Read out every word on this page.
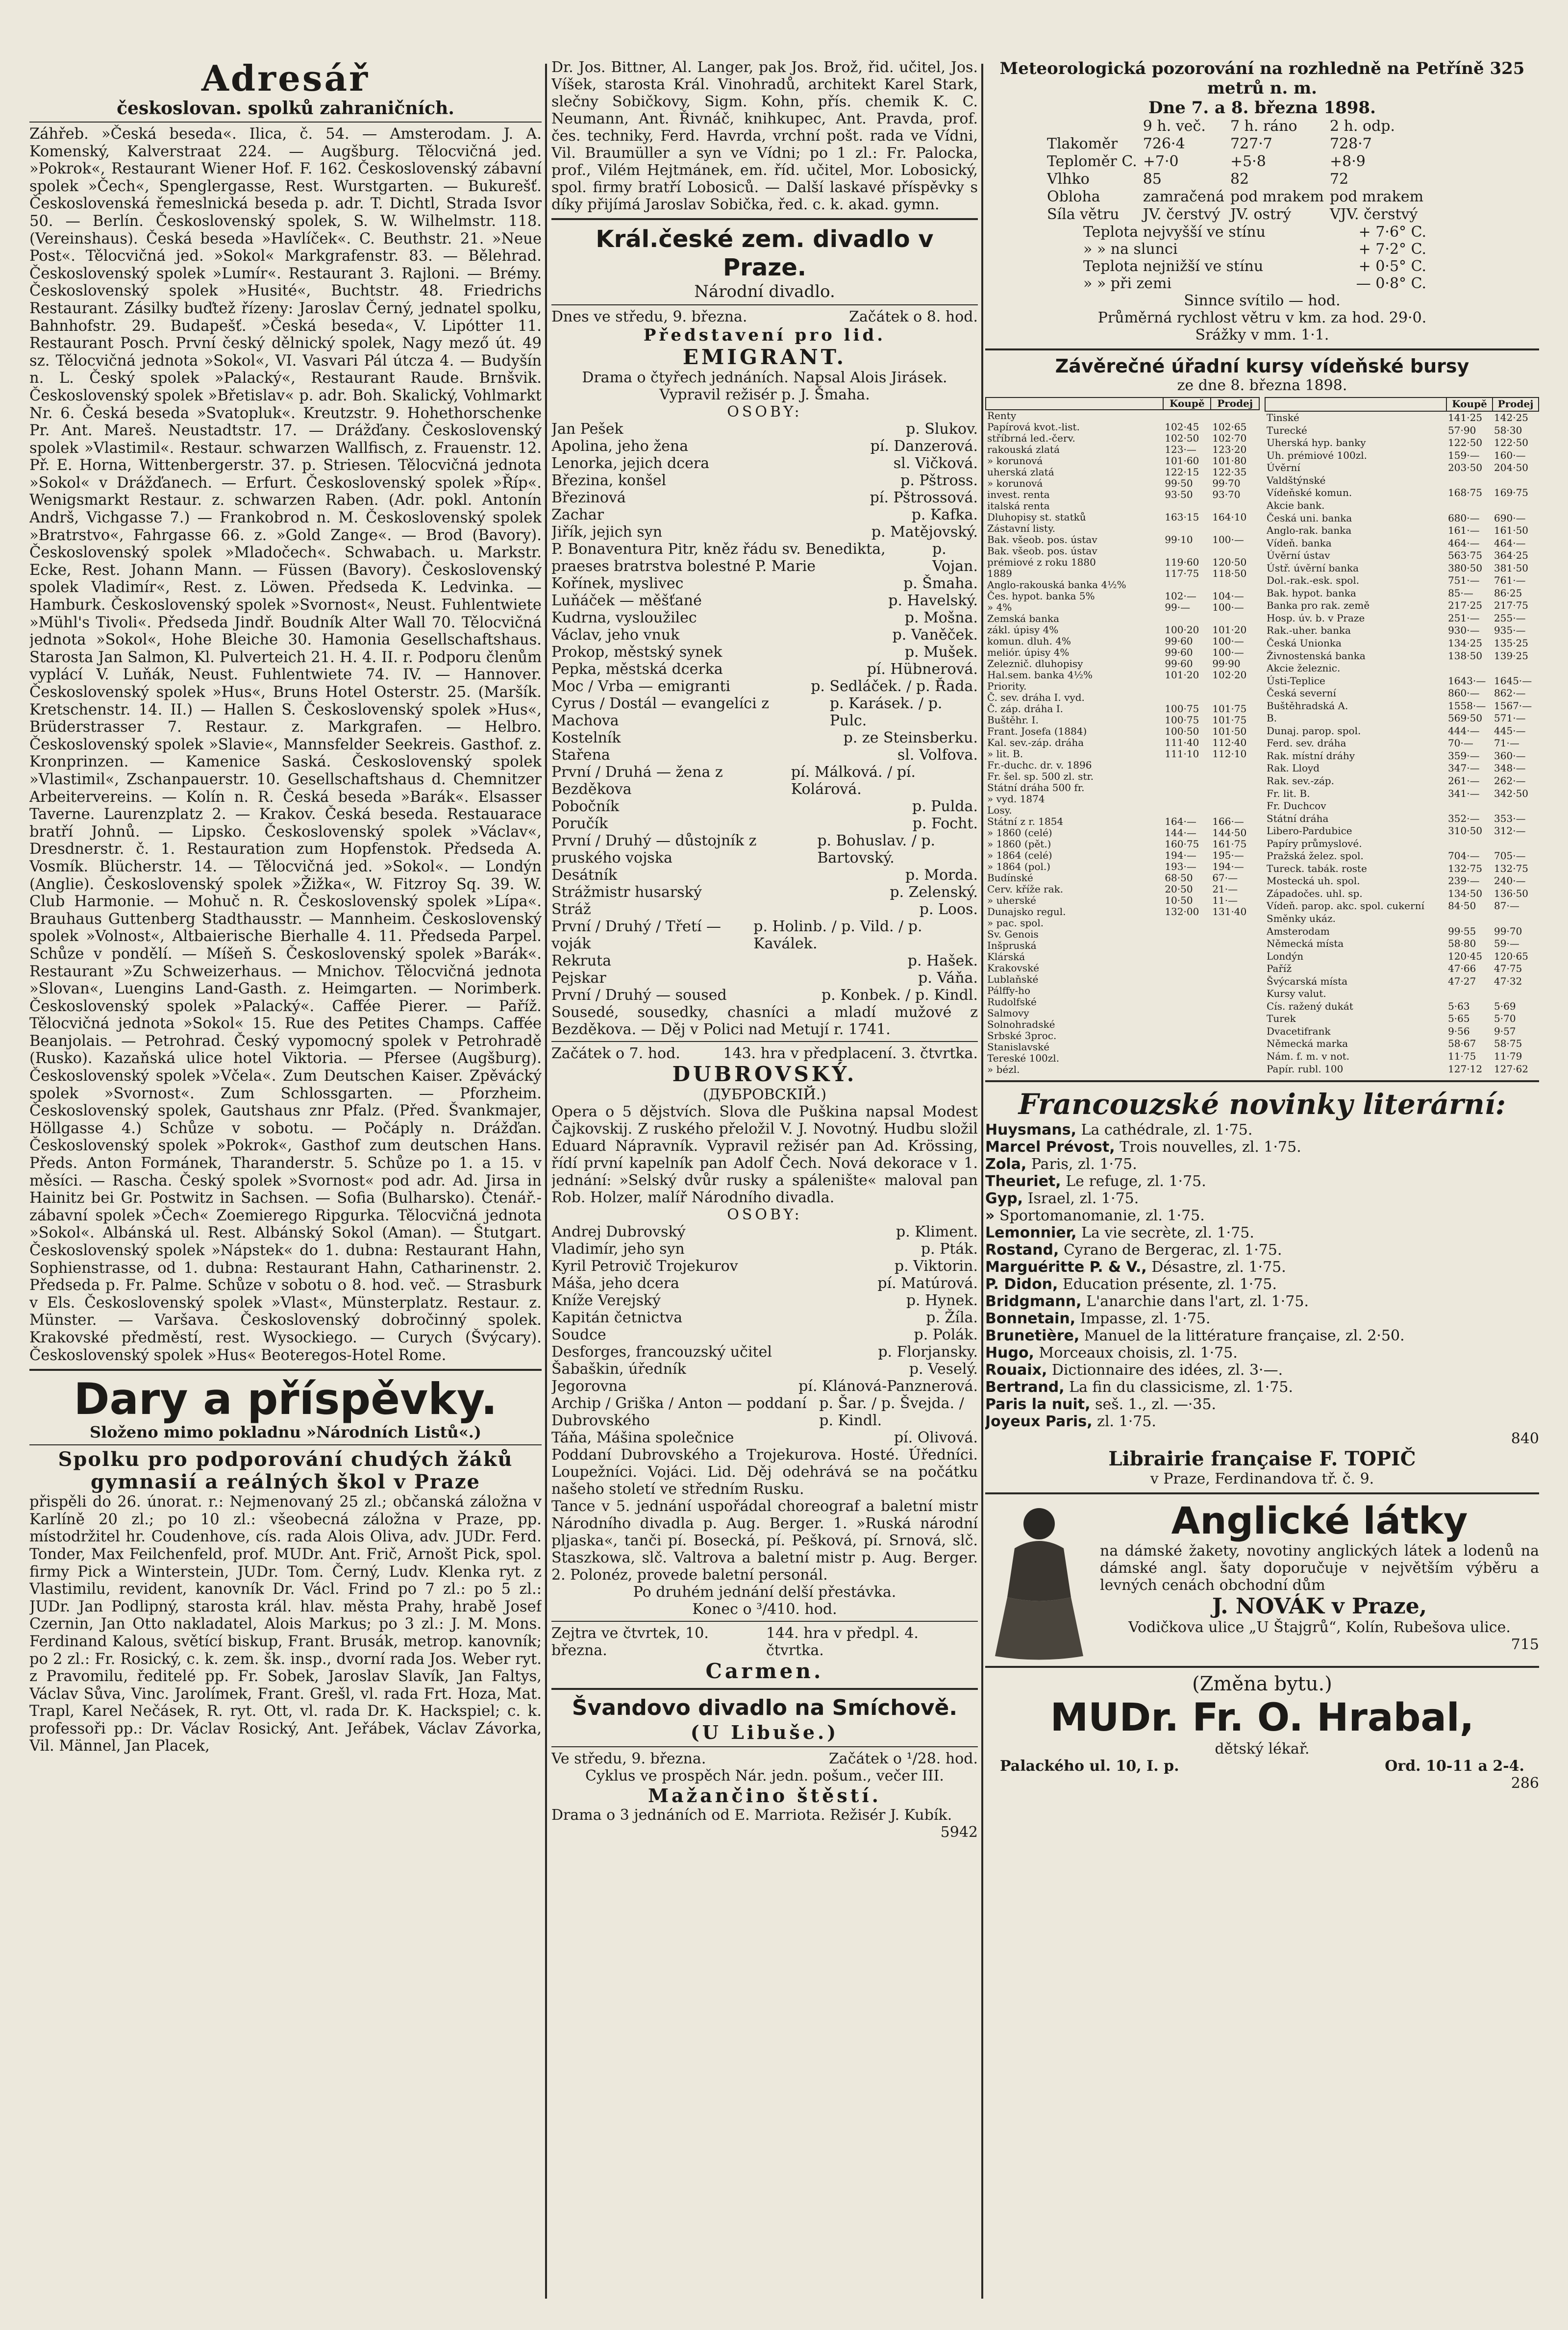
Adresář
českoslovan. spolků zahraničních.
Záhřeb. »Česká beseda«. Ilica, č. 54. — Amsterodam. J. A. Komenský, Kalverstraat 224. — Augšburg. Tělocvičná jed. »Pokrok«, Restaurant Wiener Hof. F. 162. Československý zábavní spolek »Čech«, Spenglergasse, Rest. Wurstgarten. — Bukurešť. Československá řemeslnická beseda p. adr. T. Dichtl, Strada Isvor 50. — Berlín. Československý spolek, S. W. Wilhelmstr. 118. (Vereinshaus). Česká beseda »Havlíček«. C. Beuthstr. 21. »Neue Post«. Tělocvičná jed. »Sokol« Markgrafenstr. 83. — Bělehrad. Československý spolek »Lumír«. Restaurant 3. Rajloni. — Brémy. Československý spolek »Husité«, Buchtstr. 48. Friedrichs Restaurant. Zásilky buďtež řízeny: Jaroslav Černý, jednatel spolku, Bahnhofstr. 29. Budapešť. »Česká beseda«, V. Lipótter 11. Restaurant Posch. První český dělnický spolek, Nagy mező út. 49 sz. Tělocvičná jednota »Sokol«, VI. Vasvari Pál útcza 4. — Budyšín n. L. Český spolek »Palacký«, Restaurant Raude. Brnšvik. Československý spolek »Břetislav« p. adr. Boh. Skalický, Vohlmarkt Nr. 6. Česká beseda »Svatopluk«. Kreutzstr. 9. Hohethorschenke Pr. Ant. Mareš. Neustadtstr. 17. — Drážďany. Československý spolek »Vlastimil«. Restaur. schwarzen Wallfisch, z. Frauenstr. 12. Př. E. Horna, Wittenbergerstr. 37. p. Striesen. Tělocvičná jednota »Sokol« v Drážďanech. — Erfurt. Československý spolek »Říp«. Wenigsmarkt Restaur. z. schwarzen Raben. (Adr. pokl. Antonín Andrš, Vichgasse 7.) — Frankobrod n. M. Československý spolek »Bratrstvo«, Fahrgasse 66. z. »Gold Zange«. — Brod (Bavory). Československý spolek »Mladočech«. Schwabach. u. Markstr. Ecke, Rest. Johann Mann. — Füssen (Bavory). Československý spolek Vladimír«, Rest. z. Löwen. Předseda K. Ledvinka. — Hamburk. Československý spolek »Svornost«, Neust. Fuhlentwiete »Mühl's Tivoli«. Předseda Jindř. Boudník Alter Wall 70. Tělocvičná jednota »Sokol«, Hohe Bleiche 30. Hamonia Gesellschaftshaus. Starosta Jan Salmon, Kl. Pulverteich 21. H. 4. II. r. Podporu členům vyplácí V. Luňák, Neust. Fuhlentwiete 74. IV. — Hannover. Československý spolek »Hus«, Bruns Hotel Osterstr. 25. (Maršík. Kretschenstr. 14. II.) — Hallen S. Československý spolek »Hus«, Brüderstrasser 7. Restaur. z. Markgrafen. — Helbro. Československý spolek »Slavie«, Mannsfelder Seekreis. Gasthof. z. Kronprinzen. — Kamenice Saská. Československý spolek »Vlastimil«, Zschanpauerstr. 10. Gesellschaftshaus d. Chemnitzer Arbeitervereins. — Kolín n. R. Česká beseda »Barák«. Elsasser Taverne. Laurenzplatz 2. — Krakov. Česká beseda. Restauarace bratří Johnů. — Lipsko. Československý spolek »Václav«, Dresdnerstr. č. 1. Restauration zum Hopfenstok. Předseda A. Vosmík. Blücherstr. 14. — Tělocvičná jed. »Sokol«. — Londýn (Anglie). Československý spolek »Žižka«, W. Fitzroy Sq. 39. W. Club Harmonie. — Mohuč n. R. Československý spolek »Lípa«. Brauhaus Guttenberg Stadthausstr. — Mannheim. Československý spolek »Volnost«, Altbaierische Bierhalle 4. 11. Předseda Parpel. Schůze v pondělí. — Míšeň S. Československý spolek »Barák«. Restaurant »Zu Schweizerhaus. — Mnichov. Tělocvičná jednota »Slovan«, Luengins Land-Gasth. z. Heimgarten. — Norimberk. Československý spolek »Palacký«. Caffée Pierer. — Paříž. Tělocvičná jednota »Sokol« 15. Rue des Petites Champs. Caffée Beanjolais. — Petrohrad. Český vypomocný spolek v Petrohradě (Rusko). Kazaňská ulice hotel Viktoria. — Pfersee (Augšburg). Československý spolek »Včela«. Zum Deutschen Kaiser. Zpěvácký spolek »Svornost«. Zum Schlossgarten. — Pforzheim. Československý spolek, Gautshaus znr Pfalz. (Před. Švankmajer, Höllgasse 4.) Schůze v sobotu. — Počáply n. Drážďan. Československý spolek »Pokrok«, Gasthof zum deutschen Hans. Předs. Anton Formánek, Tharanderstr. 5. Schůze po 1. a 15. v měsíci. — Rascha. Český spolek »Svornost« pod adr. Ad. Jirsa in Hainitz bei Gr. Postwitz in Sachsen. — Sofia (Bulharsko). Čtenář.-zábavní spolek »Čech« Zoemierego Ripgurka. Tělocvičná jednota »Sokol«. Albánská ul. Rest. Albánský Sokol (Aman). — Štutgart. Československý spolek »Nápstek« do 1. dubna: Restaurant Hahn, Sophienstrasse, od 1. dubna: Restaurant Hahn, Catharinenstr. 2. Předseda p. Fr. Palme. Schůze v sobotu o 8. hod. več. — Strasburk v Els. Československý spolek »Vlast«, Münsterplatz. Restaur. z. Münster. — Varšava. Československý dobročinný spolek. Krakovské předměstí, rest. Wysockiego. — Curych (Švýcary). Československý spolek »Hus« Beoteregos-Hotel Rome.
Dary a příspěvky.
Složeno mimo pokladnu »Národních Listů«.)
Spolku pro podporování chudých žáků gymnasií a reálných škol v Praze
přispěli do 26. únorat. r.: Nejmenovaný 25 zl.; občanská záložna v Karlíně 20 zl.; po 10 zl.: všeobecná záložna v Praze, pp. místodržitel hr. Coudenhove, cís. rada Alois Oliva, adv. JUDr. Ferd. Tonder, Max Feilchenfeld, prof. MUDr. Ant. Frič, Arnošt Pick, spol. firmy Pick a Winterstein, JUDr. Tom. Černý, Ludv. Klenka ryt. z Vlastimilu, revident, kanovník Dr. Václ. Frind po 7 zl.: po 5 zl.: JUDr. Jan Podlipný, starosta král. hlav. města Prahy, hrabě Josef Czernin, Jan Otto nakladatel, Alois Markus; po 3 zl.: J. M. Mons. Ferdinand Kalous, světící biskup, Frant. Brusák, metrop. kanovník; po 2 zl.: Fr. Rosický, c. k. zem. šk. insp., dvorní rada Jos. Weber ryt. z Pravomilu, ředitelé pp. Fr. Sobek, Jaroslav Slavík, Jan Faltys, Václav Sůva, Vinc. Jarolímek, Frant. Grešl, vl. rada Frt. Hoza, Mat. Trapl, Karel Nečásek, R. ryt. Ott, vl. rada Dr. K. Hackspiel; c. k. professoři pp.: Dr. Václav Rosický, Ant. Jeřábek, Václav Závorka, Vil. Männel, Jan Placek,
Dr. Jos. Bittner, Al. Langer, pak Jos. Brož, řid. učitel, Jos. Víšek, starosta Král. Vinohradů, architekt Karel Stark, slečny Sobičkovy, Sigm. Kohn, přís. chemik K. C. Neumann, Ant. Řivnáč, knihkupec, Ant. Pravda, prof. čes. techniky, Ferd. Havrda, vrchní pošt. rada ve Vídni, Vil. Braumüller a syn ve Vídni; po 1 zl.: Fr. Palocka, prof., Vilém Hejtmánek, em. říd. učitel, Mor. Lobosický, spol. firmy bratří Lobosiců. — Další laskavé příspěvky s díky přijímá Jaroslav Sobička, řed. c. k. akad. gymn.
Král.české zem. divadlo v Praze.
Národní divadlo.
Dnes ve středu, 9. března.	Začátek o 8. hod.
Představení pro lid.
EMIGRANT.
Drama o čtyřech jednáních. Napsal Alois Jirásek. Vypravil režisér p. J. Šmaha.
OSOBY:
Jan Pešek	p. Slukov.
Apolina, jeho žena	pí. Danzerová.
Lenorka, jejich dcera	sl. Vičková.
Březina, konšel	p. Pštross.
Březinová	pí. Pštrossová.
Zachar	p. Kafka.
Jiřík, jejich syn	p. Matějovský.
P. Bonaventura Pitr, kněz řádu sv. Benedikta, praeses bratrstva bolestné P. Marie
p. Vojan.
Kořínek, myslivec	p. Šmaha.
Luňáček — měšťané	p. Havelský.
Kudrna, vysloužilec	p. Mošna.
Václav, jeho vnuk	p. Vaněček.
Prokop, městský synek	p. Mušek.
Pepka, městská dcerka	pí. Hübnerová.
Moc / Vrba — emigranti	p. Sedláček. / p. Řada.
Cyrus / Dostál — evangelíci z Machova
p. Karásek. / p. Pulc.
Kostelník	p. ze Steinsberku.
Stařena	sl. Volfova.
První / Druhá — žena z Bezděkova
pí. Málková. / pí. Kolárová.
Pobočník	p. Pulda.
Poručík	p. Focht.
První / Druhý — důstojník z pruského vojska
p. Bohuslav. / p. Bartovský.
Desátník	p. Morda.
Strážmistr husarský	p. Zelenský.
Stráž	p. Loos.
První / Druhý / Třetí — voják
p. Holinb. / p. Vild. / p. Kaválek.
Rekruta	p. Hašek.
Pejskar	p. Váňa.
První / Druhý — soused	p. Konbek. / p. Kindl.
Sousedé, sousedky, chasníci a mladí mužové z Bezděkova. — Děj v Polici nad Metují r. 1741.
Začátek o 7. hod.	143. hra v předplacení. 3. čtvrtka.
DUBROVSKÝ.
(ДУБРОВСКІЙ.)
Opera o 5 dějstvích. Slova dle Puškina napsal Modest Čajkovskij. Z ruského přeložil V. J. Novotný. Hudbu složil Eduard Nápravník. Vypravil režisér pan Ad. Krössing, řídí první kapelník pan Adolf Čech. Nová dekorace v 1. jednání: »Selský dvůr rusky a spálenište« maloval pan Rob. Holzer, malíř Národního divadla.
OSOBY:
Andrej Dubrovský	p. Kliment.
Vladimír, jeho syn	p. Pták.
Kyril Petrovič Trojekurov	p. Viktorin.
Máša, jeho dcera	pí. Matúrová.
Kníže Verejský	p. Hynek.
Kapitán četnictva	p. Žíla.
Soudce	p. Polák.
Desforges, francouzský učitel	p. Florjansky.
Šabaškin, úředník	p. Veselý.
Jegorovna	pí. Klánová-Panznerová.
Archip / Griška / Anton — poddaní Dubrovského
p. Šar. / p. Švejda. / p. Kindl.
Táňa, Mášina společnice	pí. Olivová.
Poddaní Dubrovského a Trojekurova. Hosté. Úředníci. Loupežníci. Vojáci. Lid. Děj odehrává se na počátku našeho století ve středním Rusku.
Tance v 5. jednání uspořádal choreograf a baletní mistr Národního divadla p. Aug. Berger. 1. »Ruská národní pljaska«, tanči pí. Bosecká, pí. Pešková, pí. Srnová, slč. Staszkowa, slč. Valtrova a baletní mistr p. Aug. Berger. 2. Polonéz, provede baletní personál.
Po druhém jednání delší přestávka.
Konec o ³/410. hod.
Zejtra ve čtvrtek, 10. března.
144. hra v předpl. 4. čtvrtka.
Carmen.
Švandovo divadlo na Smíchově.
(U Libuše.)
Ve středu, 9. března.	Začátek o ¹/28. hod.
Cyklus ve prospěch Nár. jedn. pošum., večer III.
Mažančino štěstí.
Drama o 3 jednáních od E. Marriota. Režisér J. Kubík.
5942
Meteorologická pozorování na rozhledně na Petříně 325 metrů n. m.
Dne 7. a 8. března 1898.
	9 h. več.	7 h. ráno	2 h. odp.
Tlakoměr	726·4	727·7	728·7
Teploměr C.	+7·0	+5·8	+8·9
Vlhko	85	82	72
Obloha	zamračená	pod mrakem	pod mrakem
Síla větru	JV. čerstvý	JV. ostrý	VJV. čerstvý
Teplota nejvyšší ve stínu	+ 7·6° C.
» » na slunci	+ 7·2° C.
Teplota nejnižší ve stínu	+ 0·5° C.
» » při zemi	— 0·8° C.
Sinnce svítilo — hod.
Průměrná rychlost větru v km. za hod. 29·0.
Srážky v mm. 1·1.
Závěrečné úřadní kursy vídeňské bursy
ze dne 8. března 1898.
	Koupě	Prodej
Renty		
Papírová kvot.-list.	102·45	102·65
stříbrná led.-červ.	102·50	102·70
rakouská zlatá	123·—	123·20
» korunová	101·60	101·80
uherská zlatá	122·15	122·35
» korunová	99·50	99·70
invest. renta	93·50	93·70
italská renta		
Dluhopisy st. statků	163·15	164·10
Zástavní listy.		
Bak. všeob. pos. ústav	99·10	100·—
Bak. všeob. pos. ústav		
prémiové z roku 1880	119·60	120·50
1889	117·75	118·50
Anglo-rakouská banka 4½%		
Čes. hypot. banka 5%	102·—	104·—
» 4%	99·—	100·—
Zemská banka		
zákl. úpisy 4%	100·20	101·20
komun. dluh. 4%	99·60	100·—
meliór. úpisy 4%	99·60	100·—
Zeleznič. dluhopisy	99·60	99·90
Hal.sem. banka 4½%	101·20	102·20
Priority.		
Č. sev. dráha I. vyd.		
Č. záp. dráha I.	100·75	101·75
Buštěhr. I.	100·75	101·75
Frant. Josefa (1884)	100·50	101·50
Kal. sev.-záp. dráha	111·40	112·40
» lit. B.	111·10	112·10
Fr.-duchc. dr. v. 1896		
Fr. šel. sp. 500 zl. str.		
Státní dráha 500 fr.		
» vyd. 1874		
Losy.		
Státní z r. 1854	164·—	166·—
» 1860 (celé)	144·—	144·50
» 1860 (pět.)	160·75	161·75
» 1864 (celé)	194·—	195·—
» 1864 (pol.)	193·—	194·—
Budínské	68·50	67·—
Cerv. kříže rak.	20·50	21·—
» uherské	10·50	11·—
Dunajsko regul.	132·00	131·40
» pac. spol.		
Sv. Genois		
Inšpruská		
Klárská		
Krakovské		
Lublaňské		
Pálffy-ho		
Rudolfské		
Salmovy		
Solnohradské		
Srbské 3proc.		
Stanislavské		
Tereské 100zl.		
» bézl.		
	Koupě	Prodej
Tinské	141·25	142·25
Turecké	57·90	58·30
Uherská hyp. banky	122·50	122·50
Uh. prémiové 100zl.	159·—	160·—
Úvěrní	203·50	204·50
Valdštýnské		
Vídeňské komun.	168·75	169·75
Akcie bank.		
Česká uni. banka	680·—	690·—
Anglo-rak. banka	161·—	161·50
Vídeň. banka	464·—	464·—
Úvěrní ústav	563·75	364·25
Ústř. úvěrní banka	380·50	381·50
Dol.-rak.-esk. spol.	751·—	761·—
Bak. hypot. banka	85·—	86·25
Banka pro rak. země	217·25	217·75
Hosp. úv. b. v Praze	251·—	255·—
Rak.-uher. banka	930·—	935·—
Česká Unionka	134·25	135·25
Živnostenská banka	138·50	139·25
Akcie železnic.		
Ústi-Teplice	1643·—	1645·—
Česká severní	860·—	862·—
Buštěhradská A.	1558·—	1567·—
B.	569·50	571·—
Dunaj. parop. spol.	444·—	445·—
Ferd. sev. dráha	70·—	71·—
Rak. místní dráhy	359·—	360·—
Rak. Lloyd	347·—	348·—
Rak. sev.-záp.	261·—	262·—
Fr. lit. B.	341·—	342·50
Fr. Duchcov		
Státní dráha	352·—	353·—
Libero-Pardubice	310·50	312·—
Papíry průmyslové.		
Pražská želez. spol.	704·—	705·—
Tureck. tabák. roste	132·75	132·75
Mostecká uh. spol.	239·—	240·—
Západočes. uhl. sp.	134·50	136·50
Vídeň. parop. akc. spol. cukerní	84·50	87·—
Směnky ukáz.		
Amsterodam	99·55	99·70
Německá místa	58·80	59·—
Londýn	120·45	120·65
Paříž	47·66	47·75
Švýcarská místa	47·27	47·32
Kursy valut.		
Cís. ražený dukát	5·63	5·69
Turek	5·65	5·70
Dvacetifrank	9·56	9·57
Německá marka	58·67	58·75
Nám. f. m. v not.	11·75	11·79
Papír. rubl. 100	127·12	127·62
Francouzské novinky literární:
Huysmans, La cathédrale, zl. 1·75.
Marcel Prévost, Trois nouvelles, zl. 1·75.
Zola, Paris, zl. 1·75.
Theuriet, Le refuge, zl. 1·75.
Gyp, Israel, zl. 1·75.
» Sportomanomanie, zl. 1·75.
Lemonnier, La vie secrète, zl. 1·75.
Rostand, Cyrano de Bergerac, zl. 1·75.
Marguéritte P. & V., Désastre, zl. 1·75.
P. Didon, Education présente, zl. 1·75.
Bridgmann, L'anarchie dans l'art, zl. 1·75.
Bonnetain, Impasse, zl. 1·75.
Brunetière, Manuel de la littérature française, zl. 2·50.
Hugo, Morceaux choisis, zl. 1·75.
Rouaix, Dictionnaire des idées, zl. 3·—.
Bertrand, La fin du classicisme, zl. 1·75.
Paris la nuit, seš. 1., zl. —·35.
Joyeux Paris, zl. 1·75.
840
Librairie française F. TOPIČ
v Praze, Ferdinandova tř. č. 9.
Anglické látky
na dámské žakety, novotiny anglických látek a lodenů na dámské angl. šaty doporučuje v největším výběru a levných cenách obchodní dům
J. NOVÁK v Praze,
Vodičkova ulice „U Štajgrů“, Kolín, Rubešova ulice.
715
(Změna bytu.)
MUDr. Fr. O. Hrabal,
dětský lékař.
Palackého ul. 10, I. p.	Ord. 10-11 a 2-4.
286
